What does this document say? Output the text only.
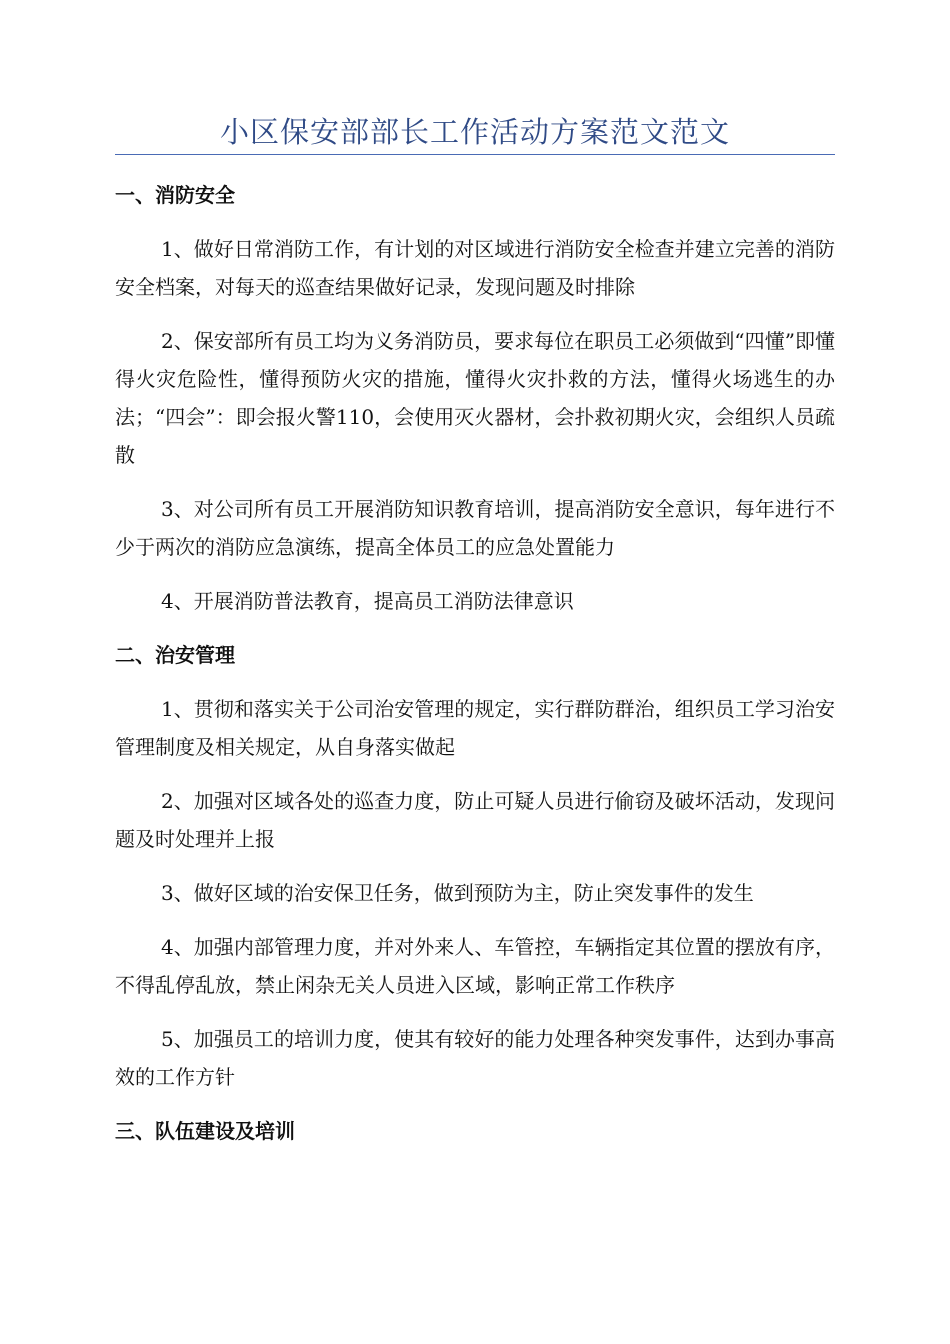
小区保安部部长工作活动方案范文范文
一、消防安全

1、做好日常消防工作，有计划的对区域进行消防安全检查并建立完善的消防安全档案，对每天的巡查结果做好记录，发现问题及时排除

2、保安部所有员工均为义务消防员，要求每位在职员工必须做到“四懂”即懂得火灾危险性，懂得预防火灾的措施，懂得火灾扑救的方法，懂得火场逃生的办法；“四会”：即会报火警110，会使用灭火器材，会扑救初期火灾，会组织人员疏散

3、对公司所有员工开展消防知识教育培训，提高消防安全意识，每年进行不少于两次的消防应急演练，提高全体员工的应急处置能力

4、开展消防普法教育，提高员工消防法律意识

二、治安管理

1、贯彻和落实关于公司治安管理的规定，实行群防群治，组织员工学习治安管理制度及相关规定，从自身落实做起

2、加强对区域各处的巡查力度，防止可疑人员进行偷窃及破坏活动，发现问题及时处理并上报

3、做好区域的治安保卫任务，做到预防为主，防止突发事件的发生

4、加强内部管理力度，并对外来人、车管控，车辆指定其位置的摆放有序，不得乱停乱放，禁止闲杂无关人员进入区域，影响正常工作秩序

5、加强员工的培训力度，使其有较好的能力处理各种突发事件，达到办事高效的工作方针

三、队伍建设及培训
